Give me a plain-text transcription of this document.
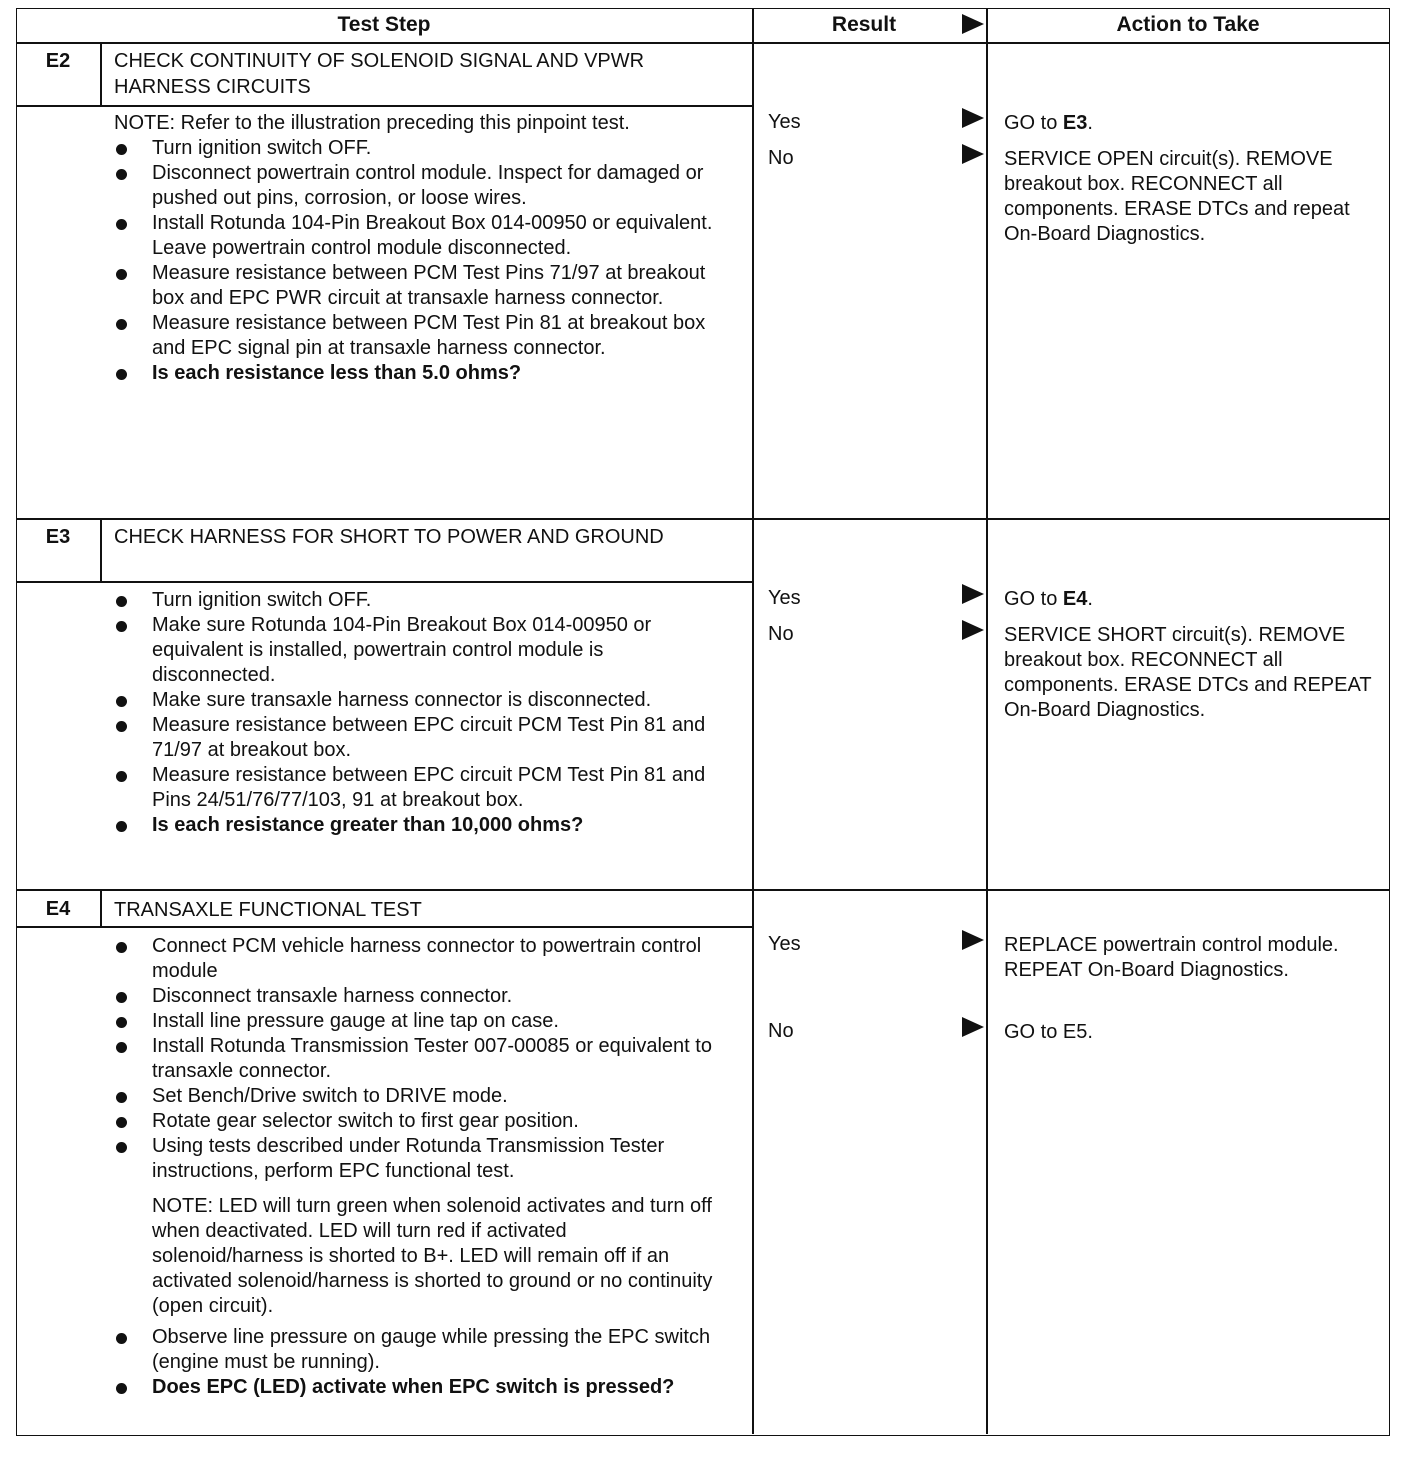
Test Step	Result	Action to Take
E2	CHECK CONTINUITY OF SOLENOID SIGNAL AND VPWR HARNESS CIRCUITS

NOTE: Refer to the illustration preceding this pinpoint test.

Turn ignition switch OFF.
Disconnect powertrain control module. Inspect for damaged or pushed out pins, corrosion, or loose wires.
Install Rotunda 104-Pin Breakout Box 014-00950 or equivalent. Leave powertrain control module disconnected.
Measure resistance between PCM Test Pins 71/97 at breakout box and EPC PWR circuit at transaxle harness connector.
Measure resistance between PCM Test Pin 81 at breakout box and EPC signal pin at transaxle harness connector.
Is each resistance less than 5.0 ohms?
Yes	GO to E3.
No	SERVICE OPEN circuit(s). REMOVE breakout box. RECONNECT all components. ERASE DTCs and repeat On-Board Diagnostics.
E3	CHECK HARNESS FOR SHORT TO POWER AND GROUND
Turn ignition switch OFF.
Make sure Rotunda 104-Pin Breakout Box 014-00950 or equivalent is installed, powertrain control module is disconnected.
Make sure transaxle harness connector is disconnected.
Measure resistance between EPC circuit PCM Test Pin 81 and 71/97 at breakout box.
Measure resistance between EPC circuit PCM Test Pin 81 and Pins 24/51/76/77/103, 91 at breakout box.
Is each resistance greater than 10,000 ohms?
Yes	GO to E4.
No	SERVICE SHORT circuit(s). REMOVE breakout box. RECONNECT all components. ERASE DTCs and REPEAT On-Board Diagnostics.
E4	TRANSAXLE FUNCTIONAL TEST
Connect PCM vehicle harness connector to powertrain control module
Disconnect transaxle harness connector.
Install line pressure gauge at line tap on case.
Install Rotunda Transmission Tester 007-00085 or equivalent to transaxle connector.
Set Bench/Drive switch to DRIVE mode.
Rotate gear selector switch to first gear position.
Using tests described under Rotunda Transmission Tester instructions, perform EPC functional test.

NOTE: LED will turn green when solenoid activates and turn off when deactivated. LED will turn red if activated solenoid/harness is shorted to B+. LED will remain off if an activated solenoid/harness is shorted to ground or no continuity (open circuit).

Observe line pressure on gauge while pressing the EPC switch (engine must be running).
Does EPC (LED) activate when EPC switch is pressed?
Yes	REPLACE powertrain control module. REPEAT On-Board Diagnostics.
No	GO to E5.
